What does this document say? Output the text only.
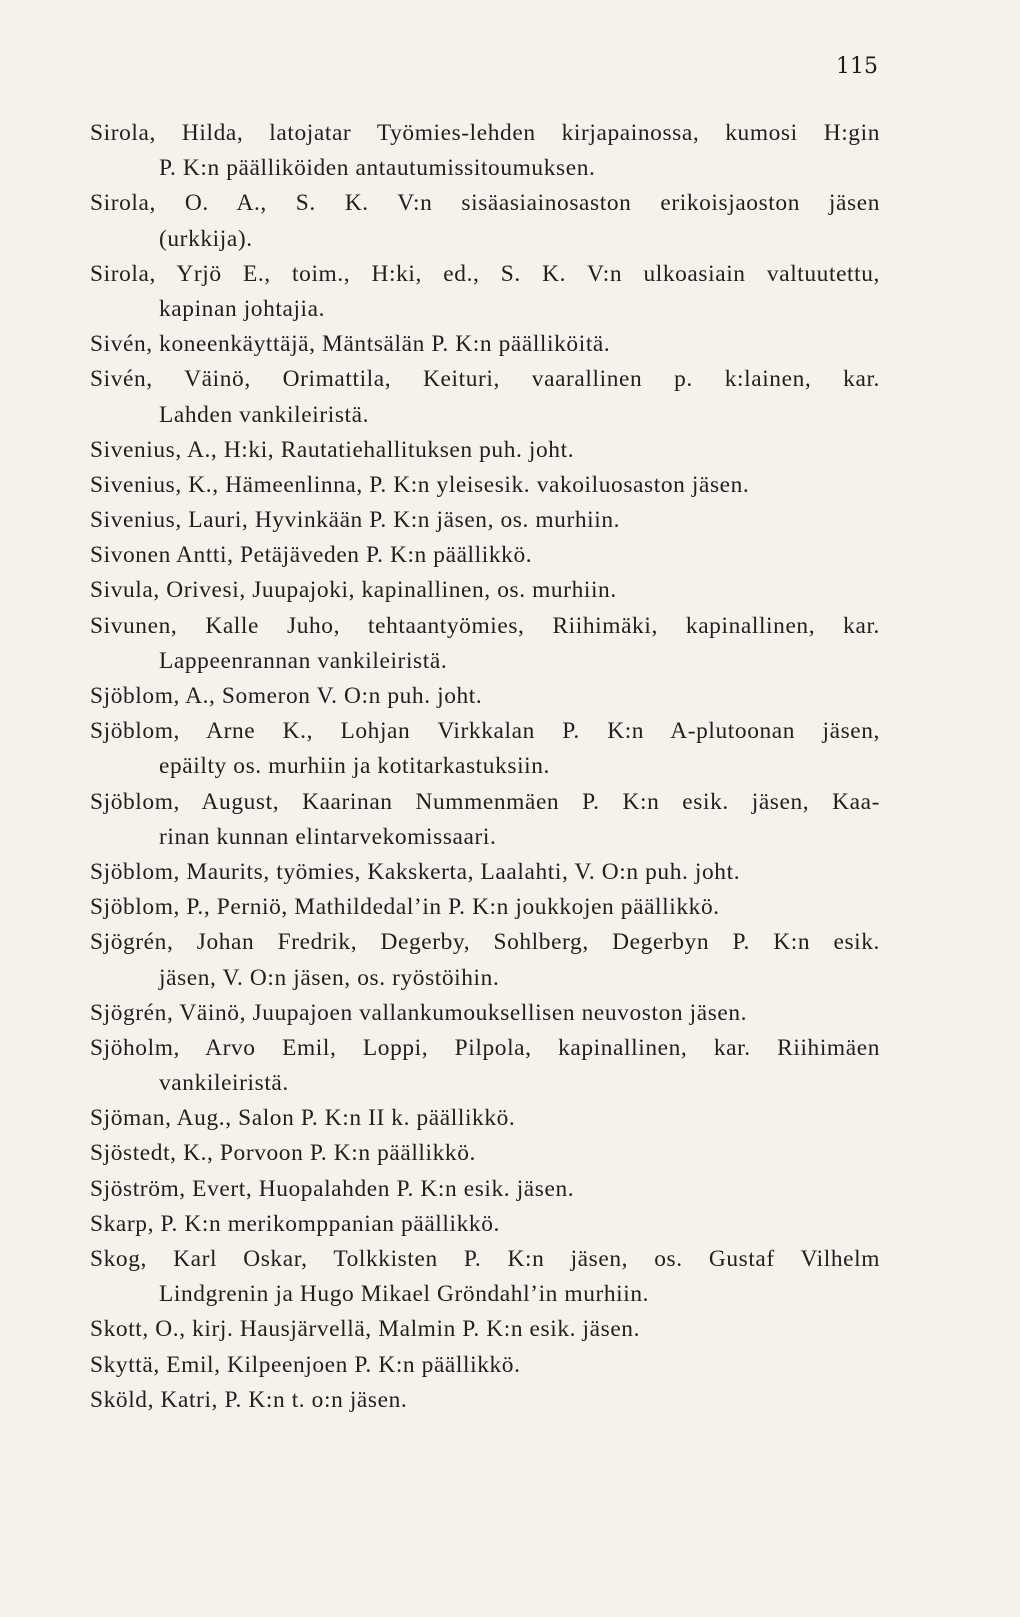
115
Sirola, Hilda, latojatar Työmies-lehden kirjapainossa, kumosi H:gin
P. K:n päälliköiden antautumissitoumuksen.
Sirola, O. A., S. K. V:n sisäasiainosaston erikoisjaoston jäsen
(urkkija).
Sirola, Yrjö E., toim., H:ki, ed., S. K. V:n ulkoasiain valtuutettu,
kapinan johtajia.
Sivén, koneenkäyttäjä, Mäntsälän P. K:n päälliköitä.
Sivén, Väinö, Orimattila, Keituri, vaarallinen p. k:lainen, kar.
Lahden vankileiristä.
Sivenius, A., H:ki, Rautatiehallituksen puh. joht.
Sivenius, K., Hämeenlinna, P. K:n yleisesik. vakoiluosaston jäsen.
Sivenius, Lauri, Hyvinkään P. K:n jäsen, os. murhiin.
Sivonen Antti, Petäjäveden P. K:n päällikkö.
Sivula, Orivesi, Juupajoki, kapinallinen, os. murhiin.
Sivunen, Kalle Juho, tehtaantyömies, Riihimäki, kapinallinen, kar.
Lappeenrannan vankileiristä.
Sjöblom, A., Someron V. O:n puh. joht.
Sjöblom, Arne K., Lohjan Virkkalan P. K:n A-plutoonan jäsen,
epäilty os. murhiin ja kotitarkastuksiin.
Sjöblom, August, Kaarinan Nummenmäen P. K:n esik. jäsen, Kaa-
rinan kunnan elintarvekomissaari.
Sjöblom, Maurits, työmies, Kakskerta, Laalahti, V. O:n puh. joht.
Sjöblom, P., Perniö, Mathildedal’in P. K:n joukkojen päällikkö.
Sjögrén, Johan Fredrik, Degerby, Sohlberg, Degerbyn P. K:n esik.
jäsen, V. O:n jäsen, os. ryöstöihin.
Sjögrén, Väinö, Juupajoen vallankumouksellisen neuvoston jäsen.
Sjöholm, Arvo Emil, Loppi, Pilpola, kapinallinen, kar. Riihimäen
vankileiristä.
Sjöman, Aug., Salon P. K:n II k. päällikkö.
Sjöstedt, K., Porvoon P. K:n päällikkö.
Sjöström, Evert, Huopalahden P. K:n esik. jäsen.
Skarp, P. K:n merikomppanian päällikkö.
Skog, Karl Oskar, Tolkkisten P. K:n jäsen, os. Gustaf Vilhelm
Lindgrenin ja Hugo Mikael Gröndahl’in murhiin.
Skott, O., kirj. Hausjärvellä, Malmin P. K:n esik. jäsen.
Skyttä, Emil, Kilpeenjoen P. K:n päällikkö.
Sköld, Katri, P. K:n t. o:n jäsen.
